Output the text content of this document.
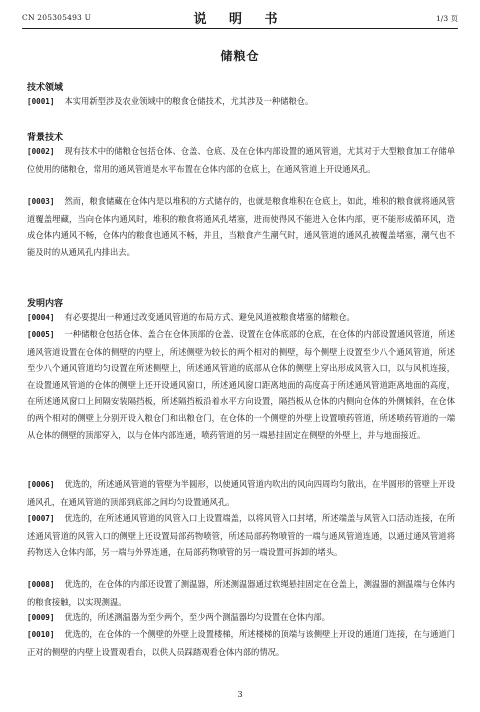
CN 205305493 U	说 明 书	1/3 页
储粮仓
技术领域
[0001] 本实用新型涉及农业领域中的粮食仓储技术，尤其涉及一种储粮仓。
背景技术
[0002] 现有技术中的储粮仓包括仓体、仓盖、仓底、及在仓体内部设置的通风管道，尤其对于大型粮食加工存储单位使用的储粮仓，常用的通风管道是水平布置在仓体内部的仓底上，在通风管道上开设通风孔。
[0003] 然而，粮食储藏在仓体内是以堆积的方式储存的，也就是粮食堆积在仓底上，如此，堆积的粮食就将通风管道覆盖埋藏，当向仓体内通风时，堆积的粮食将通风孔堵塞，进而使得风不能进入仓体内部，更不能形成循环风，造成仓体内通风不畅，仓体内的粮食也通风不畅，并且，当粮食产生潮气时，通风管道的通风孔被覆盖堵塞，潮气也不能及时的从通风孔内排出去。
发明内容
[0004] 有必要提出一种通过改变通风管道的布局方式、避免风道被粮食堵塞的储粮仓。
[0005] 一种储粮仓包括仓体、盖合在仓体顶部的仓盖、设置在仓体底部的仓底，在仓体的内部设置通风管道，所述通风管道设置在仓体的侧壁的内壁上，所述侧壁为较长的两个相对的侧壁，每个侧壁上设置至少八个通风管道，所述至少八个通风管道均匀设置在所述侧壁上，所述通风管道的底部从仓体的侧壁上穿出形成风管入口，以与风机连接，在设置通风管道的仓体的侧壁上还开设通风窗口，所述通风窗口距离地面的高度高于所述通风管道距离地面的高度，在所述通风窗口上间隔安装隔挡板，所述隔挡板沿着水平方向设置，隔挡板从仓体的内侧向仓体的外侧倾斜，在仓体的两个相对的侧壁上分别开设入粮仓门和出粮仓门，在仓体的一个侧壁的外壁上设置喷药管道，所述喷药管道的一端从仓体的侧壁的顶部穿入，以与仓体内部连通，喷药管道的另一端悬挂固定在侧壁的外壁上，并与地面接近。
[0006] 优选的，所述通风管道的管壁为半圆形，以使通风管道内吹出的风向四周均匀散出，在半圆形的管壁上开设通风孔，在通风管道的顶部到底部之间均匀设置通风孔。
[0007] 优选的，在所述通风管道的风管入口上设置端盖，以将风管入口封堵，所述端盖与风管入口活动连接，在所述通风管道的风管入口的侧壁上还设置局部药物喷管，所述局部药物喷管的一端与通风管道连通，以通过通风管道将药物送入仓体内部，另一端与外界连通，在局部药物喷管的另一端设置可拆卸的堵头。
[0008] 优选的，在仓体的内部还设置了测温器，所述测温器通过软绳悬挂固定在仓盖上，测温器的测温端与仓体内的粮食接触，以实现测温。
[0009] 优选的，所述测温器为至少两个，至少两个测温器均匀设置在仓体内部。
[0010] 优选的，在仓体的一个侧壁的外壁上设置楼梯，所述楼梯的顶端与该侧壁上开设的通道门连接，在与通道门正对的侧壁的内壁上设置观看台，以供人员踩踏观看仓体内部的情况。
3
